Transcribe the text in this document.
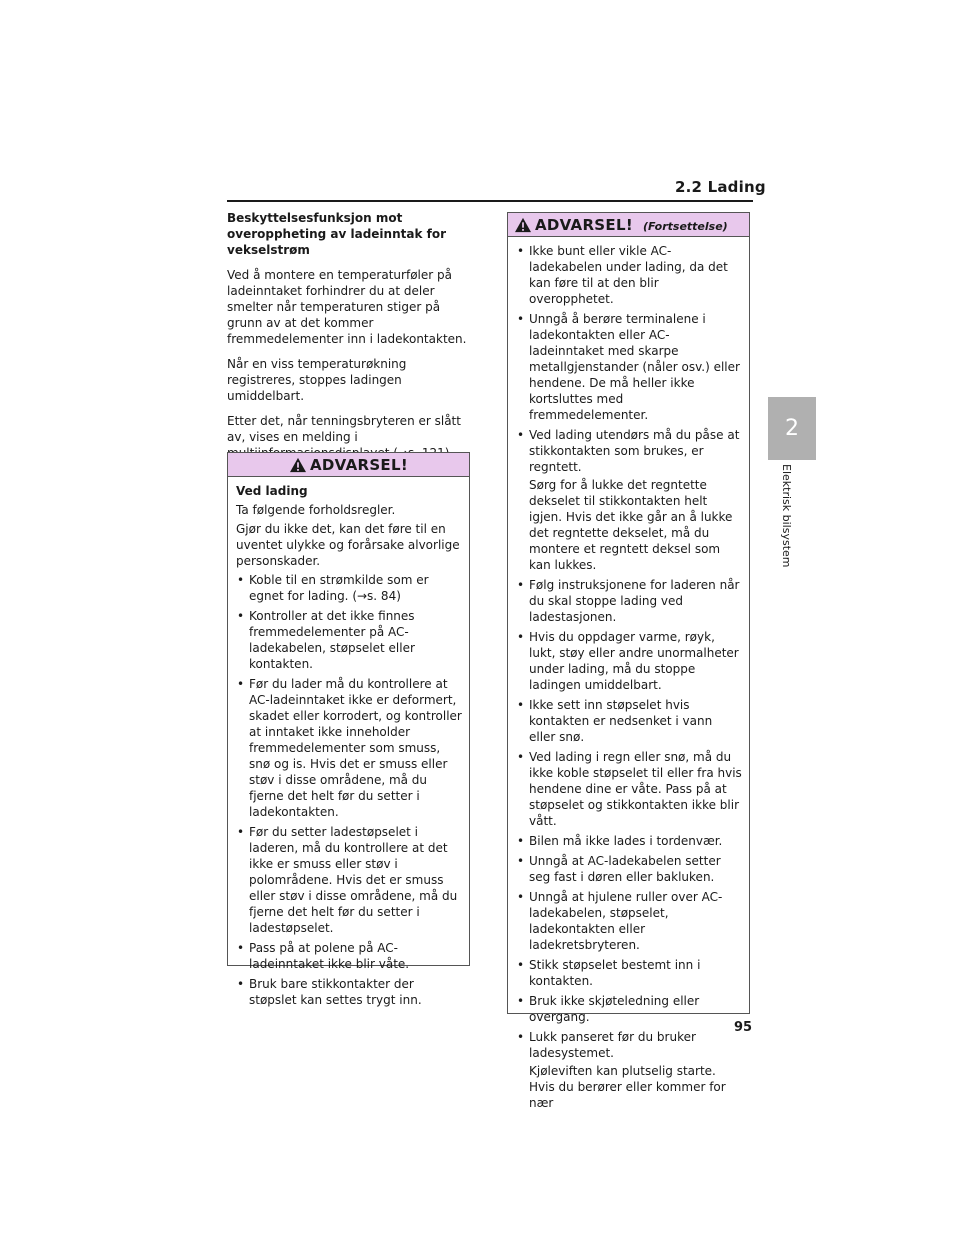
2.2 Lading
2
Elektrisk bilsystem
Beskyttelsesfunksjon mot overoppheting av ladeinntak for vekselstrøm

Ved å montere en temperaturføler på ladeinntaket forhindrer du at deler smelter når temperaturen stiger på grunn av at det kommer fremmedelementer inn i ladekontakten.

Når en viss temperaturøkning registreres, stoppes ladingen umiddelbart.

Etter det, når tenningsbryteren er slått av, vises en melding i

ADVARSEL!
Ved lading
Ta følgende forholdsregler.
Gjør du ikke det, kan det føre til en uventet ulykke og forårsake alvorlige personskader.
• Koble til en strømkilde som er egnet for lading. (→s. 84)
• Kontroller at det ikke finnes fremmedelementer på AC-ladekabelen, støpselet eller kontakten.
• Før du lader må du kontrollere at AC-ladeinntaket ikke er deformert, skadet eller korrodert, og kontroller at inntaket ikke inneholder fremmedelementer som smuss, snø og is. Hvis det er smuss eller støv i disse områdene, må du fjerne det helt før du setter i ladekontakten.
• Før du setter ladestøpselet i laderen, må du kontrollere at det ikke er smuss eller støv i polområdene. Hvis det er smuss eller støv i disse områdene, må du fjerne det helt før du setter i ladestøpselet.
• Pass på at polene på AC-ladeinntaket ikke blir våte.
• Bruk bare stikkontakter der støpslet kan settes trygt inn.
ADVARSEL! (Fortsettelse)
• Ikke bunt eller vikle AC-ladekabelen under lading, da det kan føre til at den blir overopphetet.
• Unngå å berøre terminalene i ladekontakten eller AC-ladeinntaket med skarpe metallgjenstander (nåler osv.) eller hendene. De må heller ikke kortsluttes med fremmedelementer.
• Ved lading utendørs må du påse at stikkontakten som brukes, er regntett.
Sørg for å lukke det regntette dekselet til stikkontakten helt igjen. Hvis det ikke går an å lukke det regntette dekselet, må du montere et regntett deksel som kan lukkes.
• Følg instruksjonene for laderen når du skal stoppe lading ved ladestasjonen.
• Hvis du oppdager varme, røyk, lukt, støy eller andre unormalheter under lading, må du stoppe ladingen umiddelbart.
• Ikke sett inn støpselet hvis kontakten er nedsenket i vann eller snø.
• Ved lading i regn eller snø, må du ikke koble støpselet til eller fra hvis hendene dine er våte. Pass på at støpselet og stikkontakten ikke blir vått.
• Bilen må ikke lades i tordenvær.
• Unngå at AC-ladekabelen setter seg fast i døren eller bakluken.
• Unngå at hjulene ruller over AC-ladekabelen, støpselet, ladekontakten eller ladekretsbryteren.
• Stikk støpselet bestemt inn i kontakten.
• Bruk ikke skjøteledning eller overgang.
• Lukk panseret før du bruker ladesystemet.
Kjøleviften kan plutselig starte. Hvis du berører eller kommer for nær
95
